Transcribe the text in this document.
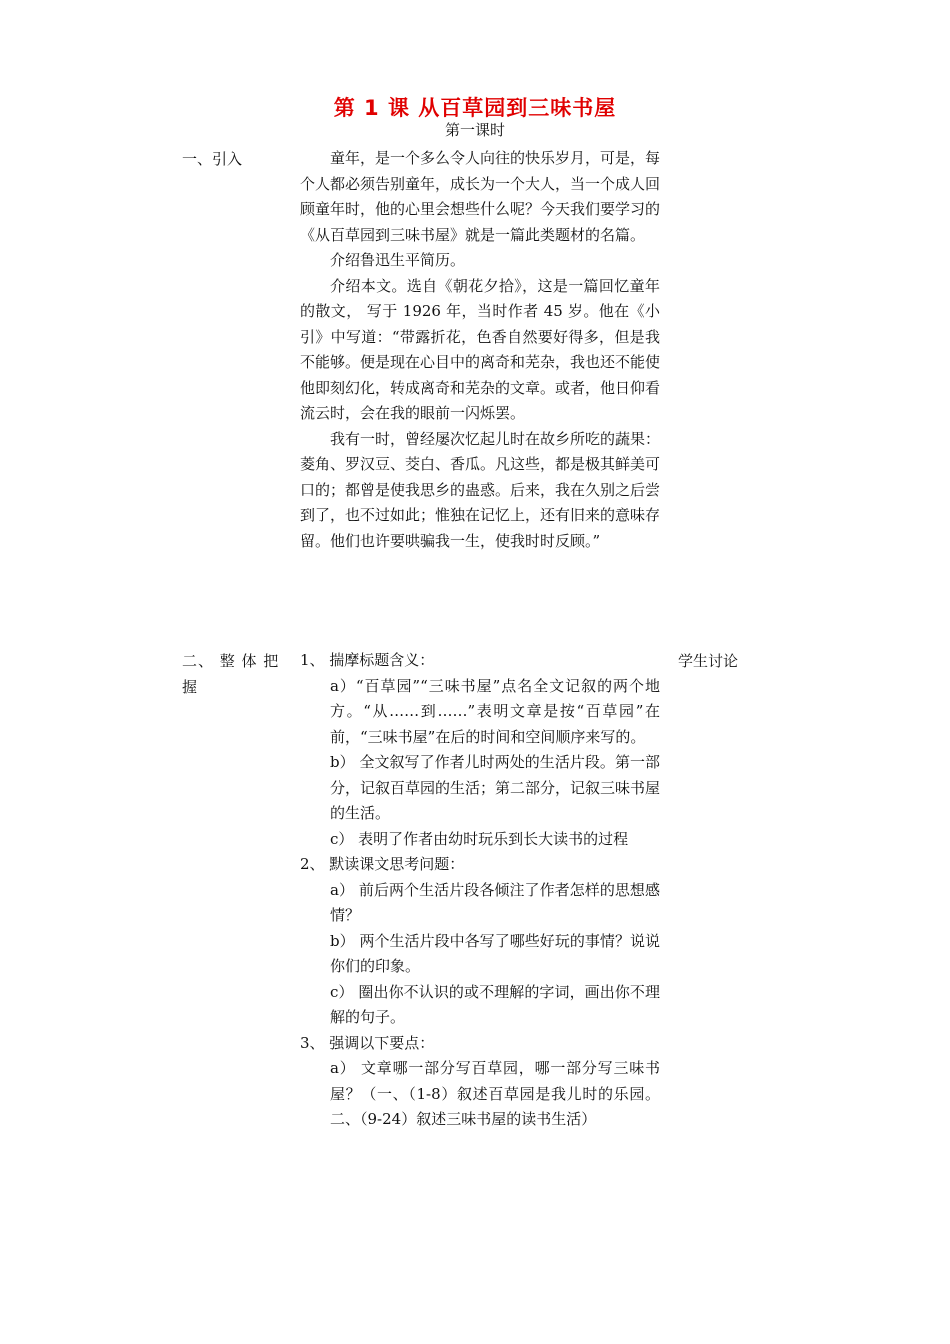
第 1 课 从百草园到三味书屋
第一课时
一、引入	童年，是一个多么令人向往的快乐岁月，可是，每个人都必须告别童年，成长为一个大人，当一个成人回顾童年时，他的心里会想些什么呢？今天我们要学习的《从百草园到三味书屋》就是一篇此类题材的名篇。
介绍鲁迅生平简历。
介绍本文。选自《朝花夕拾》，这是一篇回忆童年的散文， 写于 1926 年，当时作者 45 岁。他在《小引》中写道：“带露折花，色香自然要好得多，但是我不能够。便是现在心目中的离奇和芜杂，我也还不能使他即刻幻化，转成离奇和芜杂的文章。或者，他日仰看流云时，会在我的眼前一闪烁罢。
我有一时，曾经屡次忆起儿时在故乡所吃的蔬果：菱角、罗汉豆、茭白、香瓜。凡这些，都是极其鲜美可口的；都曾是使我思乡的蛊惑。后来，我在久别之后尝到了，也不过如此；惟独在记忆上，还有旧来的意味存留。他们也许要哄骗我一生，使我时时反顾。”
二、 整 体 把 握
学生讨论
1、 揣摩标题含义：
a）“百草园”“三味书屋”点名全文记叙的两个地方。“从……到……”表明文章是按“百草园”在前，“三味书屋”在后的时间和空间顺序来写的。
b） 全文叙写了作者儿时两处的生活片段。第一部分，记叙百草园的生活；第二部分，记叙三味书屋的生活。
c） 表明了作者由幼时玩乐到长大读书的过程
2、 默读课文思考问题：
a） 前后两个生活片段各倾注了作者怎样的思想感情？
b） 两个生活片段中各写了哪些好玩的事情？说说你们的印象。
c） 圈出你不认识的或不理解的字词，画出你不理解的句子。
3、 强调以下要点：
a） 文章哪一部分写百草园，哪一部分写三味书屋？（一、（1-8）叙述百草园是我儿时的乐园。二、（9-24）叙述三味书屋的读书生活）
